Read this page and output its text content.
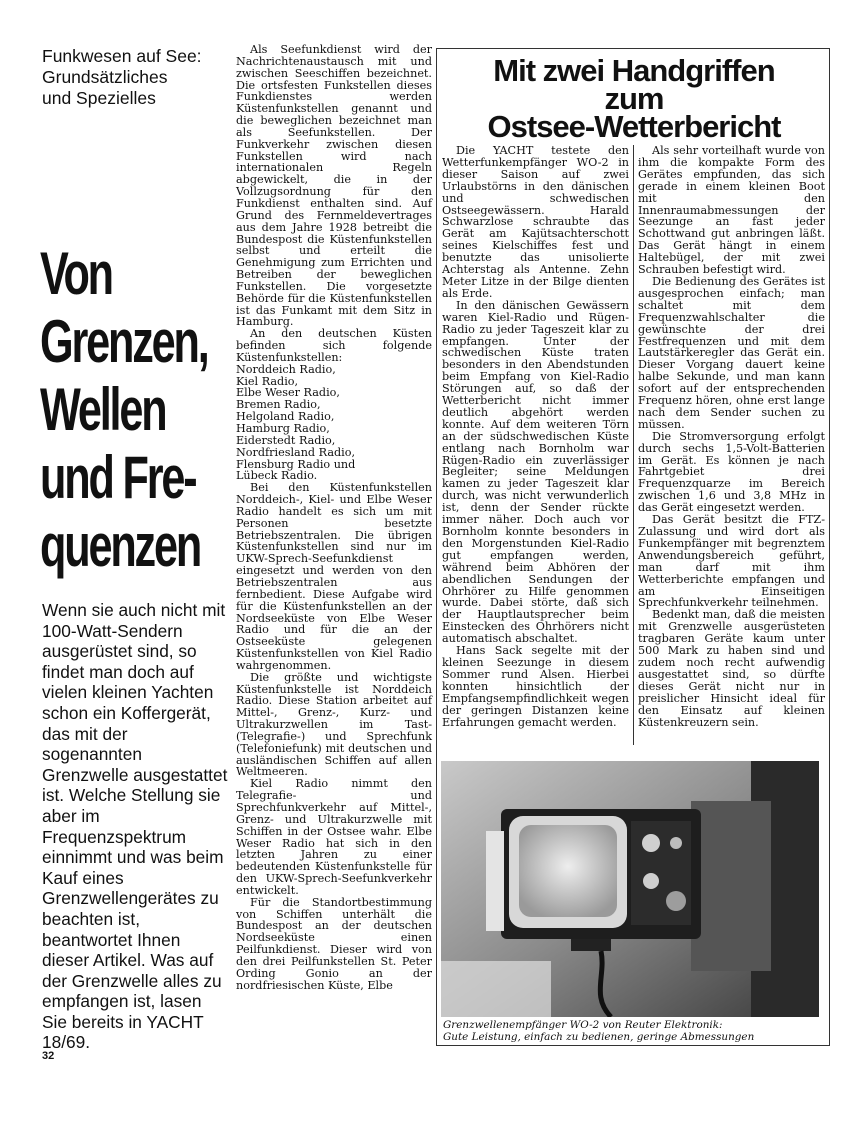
Funkwesen auf See:
Grundsätzliches
und Spezielles
Von
Grenzen,
Wellen
und Fre-
quenzen
Wenn sie auch nicht mit 100-Watt-Sendern ausgerüstet sind, so findet man doch auf vielen kleinen Yachten schon ein Koffergerät, das mit der sogenannten Grenzwelle ausgestattet ist. Welche Stellung sie aber im Frequenzspektrum einnimmt und was beim Kauf eines Grenzwellengerätes zu beachten ist, beantwortet Ihnen dieser Artikel. Was auf der Grenzwelle alles zu empfangen ist, lasen Sie bereits in YACHT 18/69.
32

Als Seefunkdienst wird der Nachrichtenaustausch mit und zwischen Seeschiffen bezeichnet. Die ortsfesten Funkstellen dieses Funkdienstes werden Küstenfunkstellen genannt und die beweglichen bezeichnet man als Seefunkstellen. Der Funkverkehr zwischen diesen Funkstellen wird nach internationalen Regeln abgewickelt, die in der Vollzugsordnung für den Funkdienst enthalten sind. Auf Grund des Fernmeldevertrages aus dem Jahre 1928 betreibt die Bundespost die Küstenfunkstellen selbst und erteilt die Genehmigung zum Errichten und Betreiben der beweglichen Funkstellen. Die vorgesetzte Behörde für die Küstenfunkstellen ist das Funkamt mit dem Sitz in Hamburg.

An den deutschen Küsten befinden sich folgende Küstenfunkstellen:

Norddeich Radio,
Kiel Radio,
Elbe Weser Radio,
Bremen Radio,
Helgoland Radio,
Hamburg Radio,
Eiderstedt Radio,
Nordfriesland Radio,
Flensburg Radio und
Lübeck Radio.

Bei den Küstenfunkstellen Norddeich-, Kiel- und Elbe Weser Radio handelt es sich um mit Personen besetzte Betriebszentralen. Die übrigen Küstenfunkstellen sind nur im UKW-Sprech-Seefunkdienst eingesetzt und werden von den Betriebszentralen aus fernbedient. Diese Aufgabe wird für die Küstenfunkstellen an der Nordseeküste von Elbe Weser Radio und für die an der Ostseeküste gelegenen Küstenfunkstellen von Kiel Radio wahrgenommen.

Die größte und wichtigste Küstenfunkstelle ist Norddeich Radio. Diese Station arbeitet auf Mittel-, Grenz-, Kurz- und Ultrakurzwellen im Tast-(Telegrafie-) und Sprechfunk (Telefoniefunk) mit deutschen und ausländischen Schiffen auf allen Weltmeeren.

Kiel Radio nimmt den Telegrafie- und Sprechfunkverkehr auf Mittel-, Grenz- und Ultrakurzwelle mit Schiffen in der Ostsee wahr. Elbe Weser Radio hat sich in den letzten Jahren zu einer bedeutenden Küstenfunkstelle für den UKW-Sprech-Seefunkverkehr entwickelt.

Für die Standortbestimmung von Schiffen unterhält die Bundespost an der deutschen Nordseeküste einen Peilfunkdienst. Dieser wird von den drei Peilfunkstellen St. Peter Ording Gonio an der nordfriesischen Küste, Elbe

Mit zwei Handgriffen
zum
Ostsee-Wetterbericht

Die YACHT testete den Wetterfunkempfänger WO-2 in dieser Saison auf zwei Urlaubstörns in den dänischen und schwedischen Ostseegewässern. Harald Schwarzlose schraubte das Gerät am Kajütsachterschott seines Kielschiffes fest und benutzte das unisolierte Achterstag als Antenne. Zehn Meter Litze in der Bilge dienten als Erde.

In den dänischen Gewässern waren Kiel-Radio und Rügen-Radio zu jeder Tageszeit klar zu empfangen. Unter der schwedischen Küste traten besonders in den Abendstunden beim Empfang von Kiel-Radio Störungen auf, so daß der Wetterbericht nicht immer deutlich abgehört werden konnte. Auf dem weiteren Törn an der südschwedischen Küste entlang nach Bornholm war Rügen-Radio ein zuverlässiger Begleiter; seine Meldungen kamen zu jeder Tageszeit klar durch, was nicht verwunderlich ist, denn der Sender rückte immer näher. Doch auch vor Bornholm konnte besonders in den Morgenstunden Kiel-Radio gut empfangen werden, während beim Abhören der abendlichen Sendungen der Ohrhörer zu Hilfe genommen wurde. Dabei störte, daß sich der Hauptlautsprecher beim Einstecken des Ohrhörers nicht automatisch abschaltet.

Hans Sack segelte mit der kleinen Seezunge in diesem Sommer rund Alsen. Hierbei konnten hinsichtlich der Empfangsempfindlichkeit wegen der geringen Distanzen keine Erfahrungen gemacht werden.

Als sehr vorteilhaft wurde von ihm die kompakte Form des Gerätes empfunden, das sich gerade in einem kleinen Boot mit den Innenraumabmessungen der Seezunge an fast jeder Schottwand gut anbringen läßt. Das Gerät hängt in einem Haltebügel, der mit zwei Schrauben befestigt wird.

Die Bedienung des Gerätes ist ausgesprochen einfach; man schaltet mit dem Frequenzwahlschalter die gewünschte der drei Festfrequenzen und mit dem Lautstärkeregler das Gerät ein. Dieser Vorgang dauert keine halbe Sekunde, und man kann sofort auf der entsprechenden Frequenz hören, ohne erst lange nach dem Sender suchen zu müssen.

Die Stromversorgung erfolgt durch sechs 1,5-Volt-Batterien im Gerät. Es können je nach Fahrtgebiet drei Frequenzquarze im Bereich zwischen 1,6 und 3,8 MHz in das Gerät eingesetzt werden.

Das Gerät besitzt die FTZ-Zulassung und wird dort als Funkempfänger mit begrenztem Anwendungsbereich geführt, man darf mit ihm Wetterberichte empfangen und am Einseitigen Sprechfunkverkehr teilnehmen.

Bedenkt man, daß die meisten mit Grenzwelle ausgerüsteten tragbaren Geräte kaum unter 500 Mark zu haben sind und zudem noch recht aufwendig ausgestattet sind, so dürfte dieses Gerät nicht nur in preislicher Hinsicht ideal für den Einsatz auf kleinen Küstenkreuzern sein.

Grenzwellenempfänger WO-2 von Reuter Elektronik:
Gute Leistung, einfach zu bedienen, geringe Abmessungen
